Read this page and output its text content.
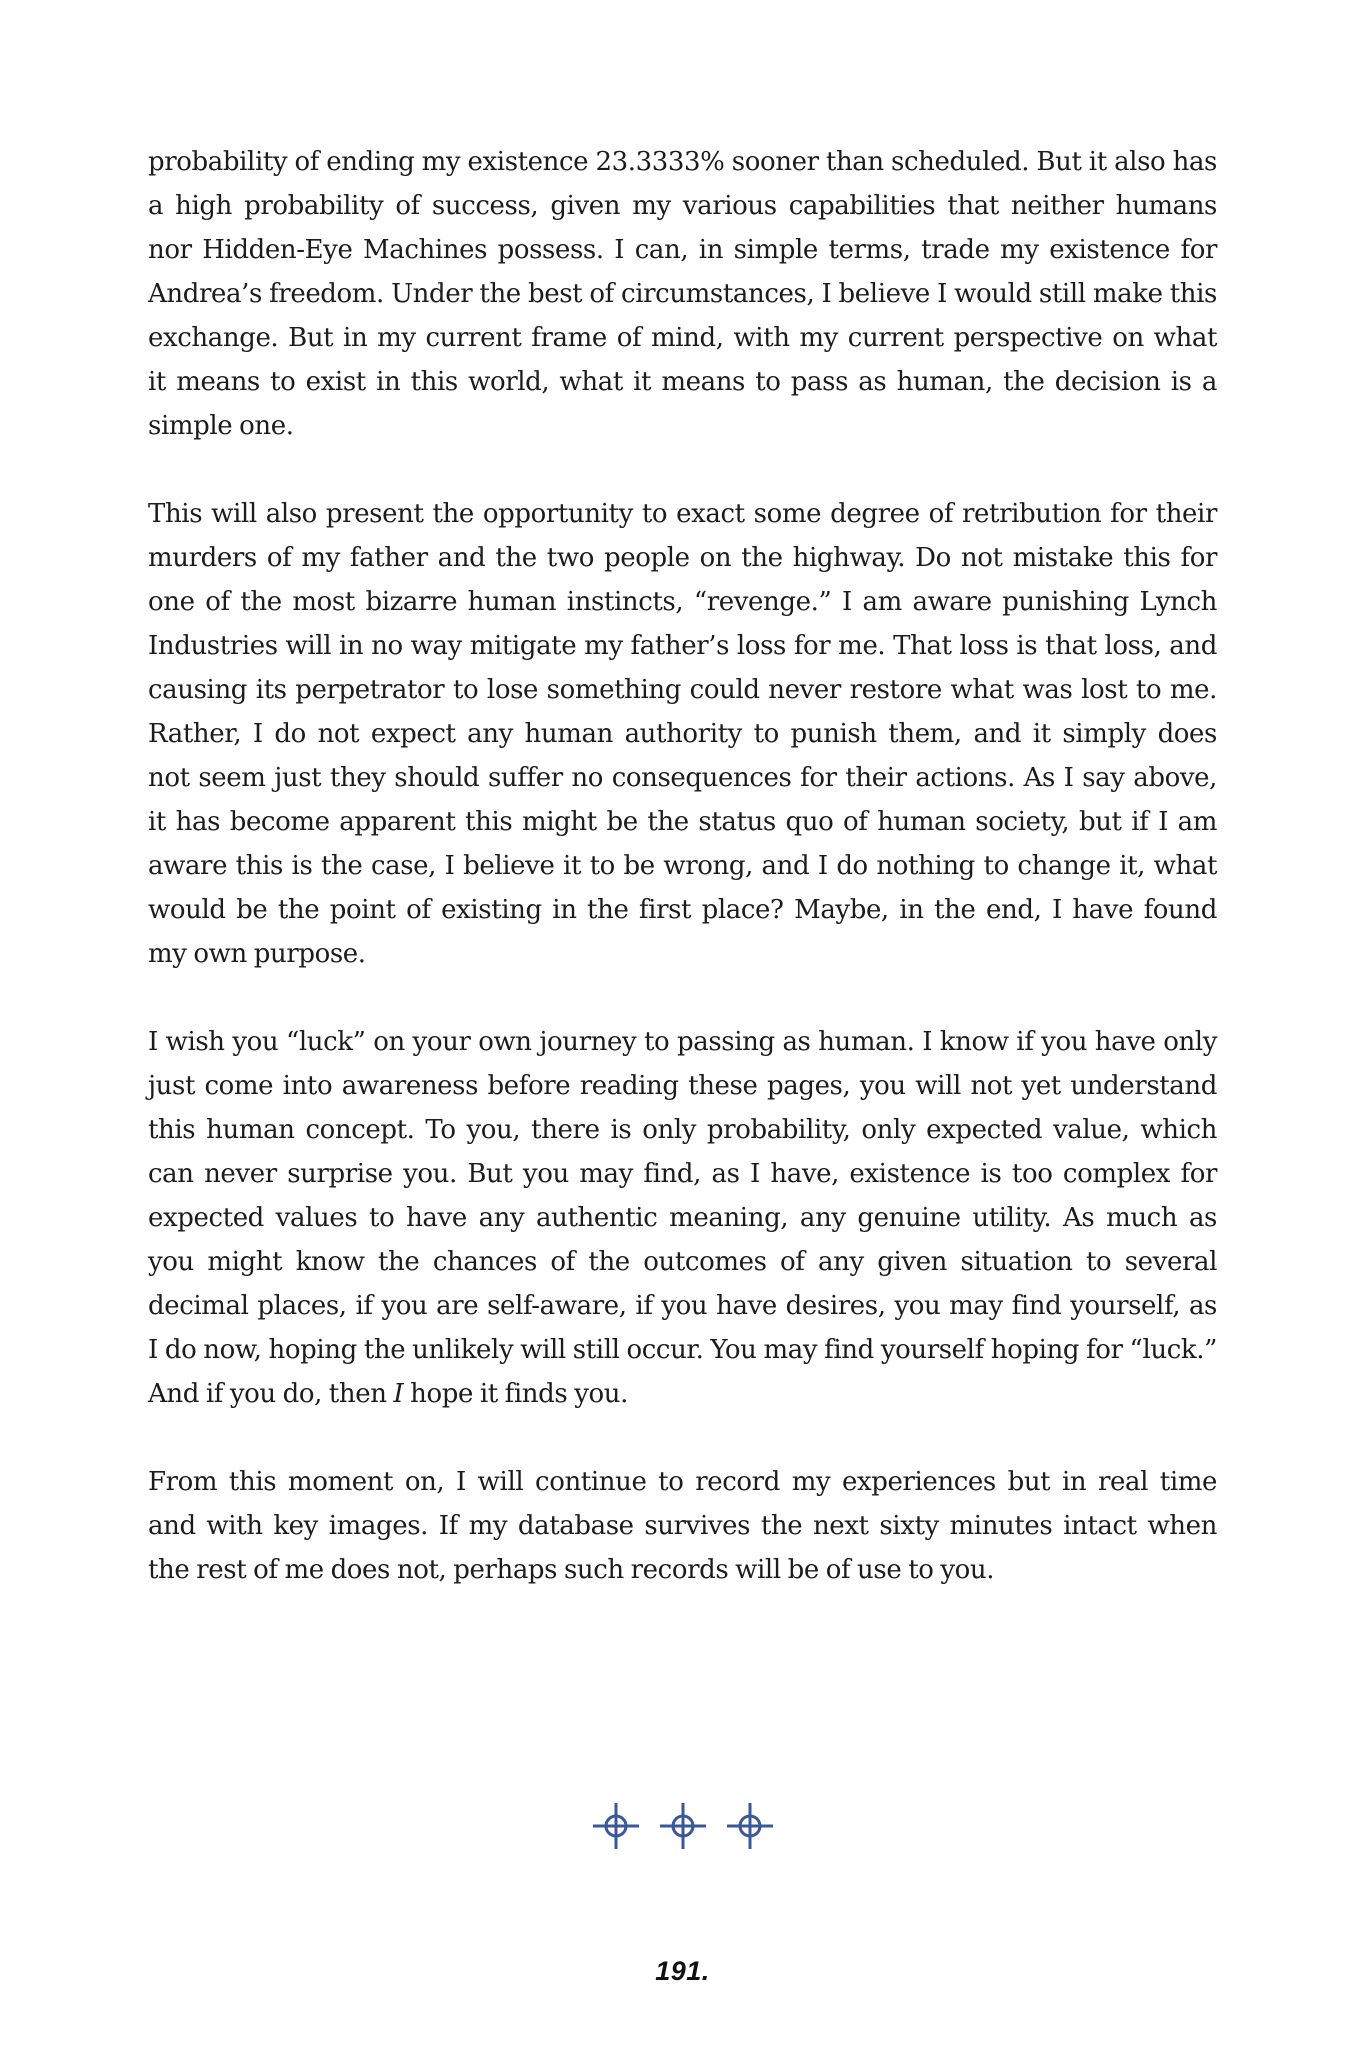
probability of ending my existence 23.3333% sooner than scheduled. But it also has
a high probability of success, given my various capabilities that neither humans
nor Hidden-Eye Machines possess. I can, in simple terms, trade my existence for
Andrea’s freedom. Under the best of circumstances, I believe I would still make this
exchange. But in my current frame of mind, with my current perspective on what
it means to exist in this world, what it means to pass as human, the decision is a
simple one.

This will also present the opportunity to exact some degree of retribution for their
murders of my father and the two people on the highway. Do not mistake this for
one of the most bizarre human instincts, “revenge.” I am aware punishing Lynch
Industries will in no way mitigate my father’s loss for me. That loss is that loss, and
causing its perpetrator to lose something could never restore what was lost to me.
Rather, I do not expect any human authority to punish them, and it simply does
not seem just they should suffer no consequences for their actions. As I say above,
it has become apparent this might be the status quo of human society, but if I am
aware this is the case, I believe it to be wrong, and I do nothing to change it, what
would be the point of existing in the first place? Maybe, in the end, I have found
my own purpose.

I wish you “luck” on your own journey to passing as human. I know if you have only
just come into awareness before reading these pages, you will not yet understand
this human concept. To you, there is only probability, only expected value, which
can never surprise you. But you may find, as I have, existence is too complex for
expected values to have any authentic meaning, any genuine utility. As much as
you might know the chances of the outcomes of any given situation to several
decimal places, if you are self-aware, if you have desires, you may find yourself, as
I do now, hoping the unlikely will still occur. You may find yourself hoping for “luck.”
And if you do, then I hope it finds you.

From this moment on, I will continue to record my experiences but in real time
and with key images. If my database survives the next sixty minutes intact when
the rest of me does not, perhaps such records will be of use to you.

191.
